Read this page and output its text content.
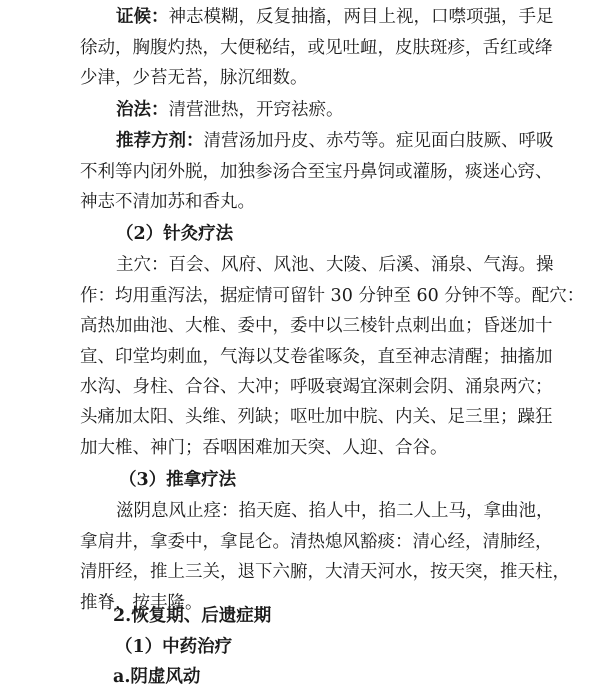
证候：神志模糊，反复抽搐，两目上视，口噤项强，手足
徐动，胸腹灼热，大便秘结，或见吐衄，皮肤斑疹，舌红或绛
少津，少苔无苔，脉沉细数。
治法：清营泄热，开窍祛瘀。
推荐方剂：清营汤加丹皮、赤芍等。症见面白肢厥、呼吸
不利等内闭外脱，加独参汤合至宝丹鼻饲或灌肠，痰迷心窍、
神志不清加苏和香丸。
（2）针灸疗法
主穴：百会、风府、风池、大陵、后溪、涌泉、气海。操
作：均用重泻法，据症情可留针 30 分钟至 60 分钟不等。配穴：
高热加曲池、大椎、委中，委中以三棱针点刺出血；昏迷加十
宣、印堂均刺血，气海以艾卷雀啄灸，直至神志清醒；抽搐加
水沟、身柱、合谷、大冲；呼吸衰竭宜深刺会阴、涌泉两穴；
头痛加太阳、头维、列缺；呕吐加中脘、内关、足三里；躁狂
加大椎、神门；吞咽困难加天突、人迎、合谷。
（3）推拿疗法
滋阴息风止痉：掐天庭、掐人中，掐二人上马，拿曲池，
拿肩井，拿委中，拿昆仑。清热熄风豁痰：清心经，清肺经，
清肝经，推上三关，退下六腑，大清天河水，按天突，推天柱，
推脊，按丰隆。
2.恢复期、后遗症期
（1）中药治疗
a.阴虚风动
